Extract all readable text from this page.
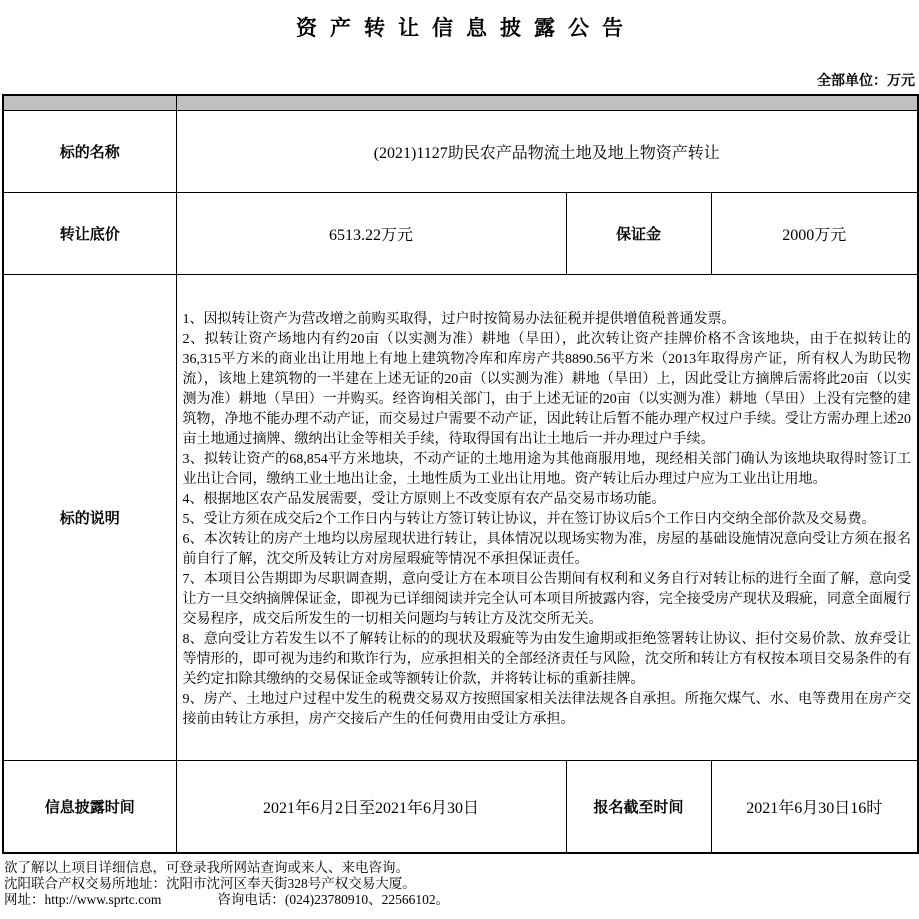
资产转让信息披露公告
全部单位：万元

标的名称	(2021)1127助民农产品物流土地及地上物资产转让		
转让底价	6513.22万元	保证金	2000万元
标的说明	

1、因拟转让资产为营改增之前购买取得，过户时按简易办法征税并提供增值税普通发票。

2、拟转让资产场地内有约20亩（以实测为准）耕地（旱田），此次转让资产挂牌价格不含该地块，由于在拟转让的36,315平方米的商业出让用地上有地上建筑物冷库和库房产共8890.56平方米（2013年取得房产证，所有权人为助民物流），该地上建筑物的一半建在上述无证的20亩（以实测为准）耕地（旱田）上，因此受让方摘牌后需将此20亩（以实测为准）耕地（旱田）一并购买。经咨询相关部门，由于上述无证的20亩（以实测为准）耕地（旱田）上没有完整的建筑物，净地不能办理不动产证，而交易过户需要不动产证，因此转让后暂不能办理产权过户手续。受让方需办理上述20亩土地通过摘牌、缴纳出让金等相关手续，待取得国有出让土地后一并办理过户手续。

3、拟转让资产的68,854平方米地块，不动产证的土地用途为其他商服用地，现经相关部门确认为该地块取得时签订工业出让合同，缴纳工业土地出让金，土地性质为工业出让用地。资产转让后办理过户应为工业出让用地。

4、根据地区农产品发展需要，受让方原则上不改变原有农产品交易市场功能。

5、受让方须在成交后2个工作日内与转让方签订转让协议，并在签订协议后5个工作日内交纳全部价款及交易费。

6、本次转让的房产土地均以房屋现状进行转让，具体情况以现场实物为准，房屋的基础设施情况意向受让方须在报名前自行了解，沈交所及转让方对房屋瑕疵等情况不承担保证责任。

7、本项目公告期即为尽职调查期，意向受让方在本项目公告期间有权利和义务自行对转让标的进行全面了解，意向受让方一旦交纳摘牌保证金，即视为已详细阅读并完全认可本项目所披露内容，完全接受房产现状及瑕疵，同意全面履行交易程序，成交后所发生的一切相关问题均与转让方及沈交所无关。

8、意向受让方若发生以不了解转让标的的现状及瑕疵等为由发生逾期或拒绝签署转让协议、拒付交易价款、放弃受让等情形的，即可视为违约和欺诈行为，应承担相关的全部经济责任与风险，沈交所和转让方有权按本项目交易条件的有关约定扣除其缴纳的交易保证金或等额转让价款，并将转让标的重新挂牌。

9、房产、土地过户过程中发生的税费交易双方按照国家相关法律法规各自承担。所拖欠煤气、水、电等费用在房产交接前由转让方承担，房产交接后产生的任何费用由受让方承担。

信息披露时间	2021年6月2日至2021年6月30日	报名截至时间	2021年6月30日16时
欲了解以上项目详细信息，可登录我所网站查询或来人、来电咨询。
沈阳联合产权交易所地址：沈阳市沈河区奉天街328号产权交易大厦。
网址：http://www.sprtc.com	咨询电话：(024)23780910、22566102。
